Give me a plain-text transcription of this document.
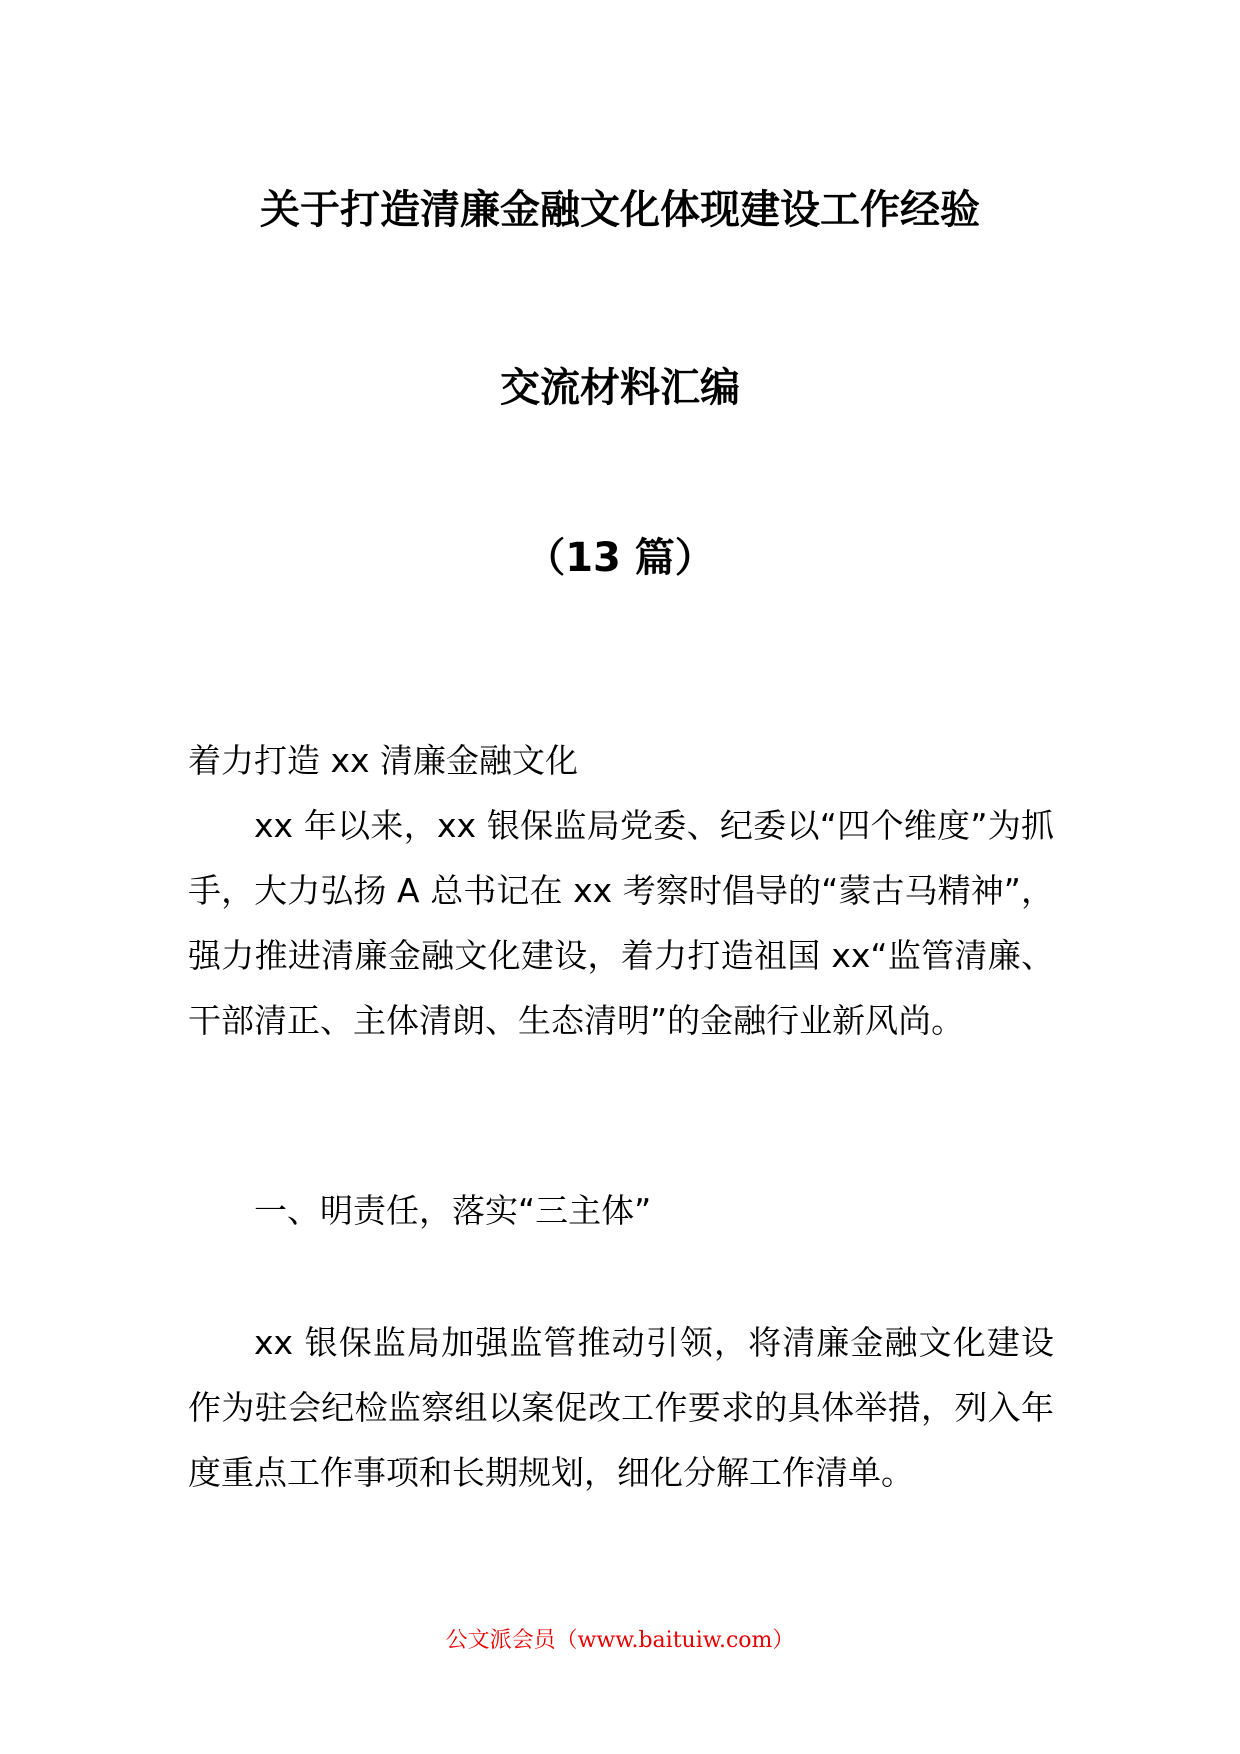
关于打造清廉金融文化体现建设工作经验
交流材料汇编
（13 篇）
着力打造 xx 清廉金融文化
xx 年以来，xx 银保监局党委、纪委以“四个维度”为抓手，大力弘扬 A 总书记在 xx 考察时倡导的“蒙古马精神”，强力推进清廉金融文化建设，着力打造祖国 xx“监管清廉、干部清正、主体清朗、生态清明”的金融行业新风尚。
一、明责任，落实“三主体”
xx 银保监局加强监管推动引领，将清廉金融文化建设作为驻会纪检监察组以案促改工作要求的具体举措，列入年度重点工作事项和长期规划，细化分解工作清单。
公文派会员（www.baituiw.com）
